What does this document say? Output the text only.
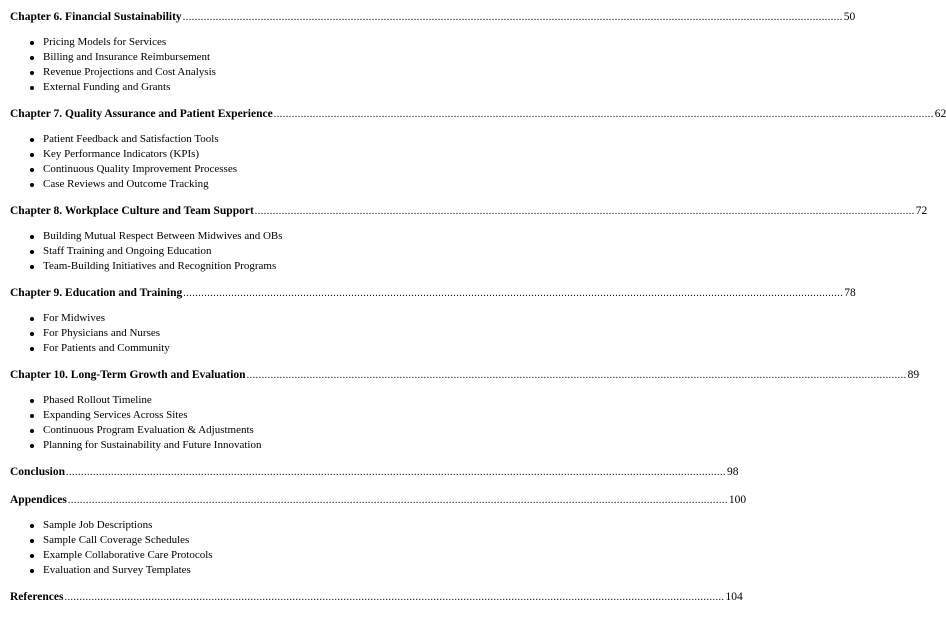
Chapter 6. Financial Sustainability ............................................................................................................................................................................................................................ 50
Pricing Models for Services
Billing and Insurance Reimbursement
Revenue Projections and Cost Analysis
External Funding and Grants
Chapter 7. Quality Assurance and Patient Experience ............................................................................................................................................................................................................................ 62
Patient Feedback and Satisfaction Tools
Key Performance Indicators (KPIs)
Continuous Quality Improvement Processes
Case Reviews and Outcome Tracking
Chapter 8. Workplace Culture and Team Support ............................................................................................................................................................................................................................ 72
Building Mutual Respect Between Midwives and OBs
Staff Training and Ongoing Education
Team-Building Initiatives and Recognition Programs
Chapter 9. Education and Training ............................................................................................................................................................................................................................ 78
For Midwives
For Physicians and Nurses
For Patients and Community
Chapter 10. Long-Term Growth and Evaluation ............................................................................................................................................................................................................................ 89
Phased Rollout Timeline
Expanding Services Across Sites
Continuous Program Evaluation & Adjustments
Planning for Sustainability and Future Innovation
Conclusion ............................................................................................................................................................................................................................ 98
Appendices ............................................................................................................................................................................................................................ 100
Sample Job Descriptions
Sample Call Coverage Schedules
Example Collaborative Care Protocols
Evaluation and Survey Templates
References ............................................................................................................................................................................................................................ 104
